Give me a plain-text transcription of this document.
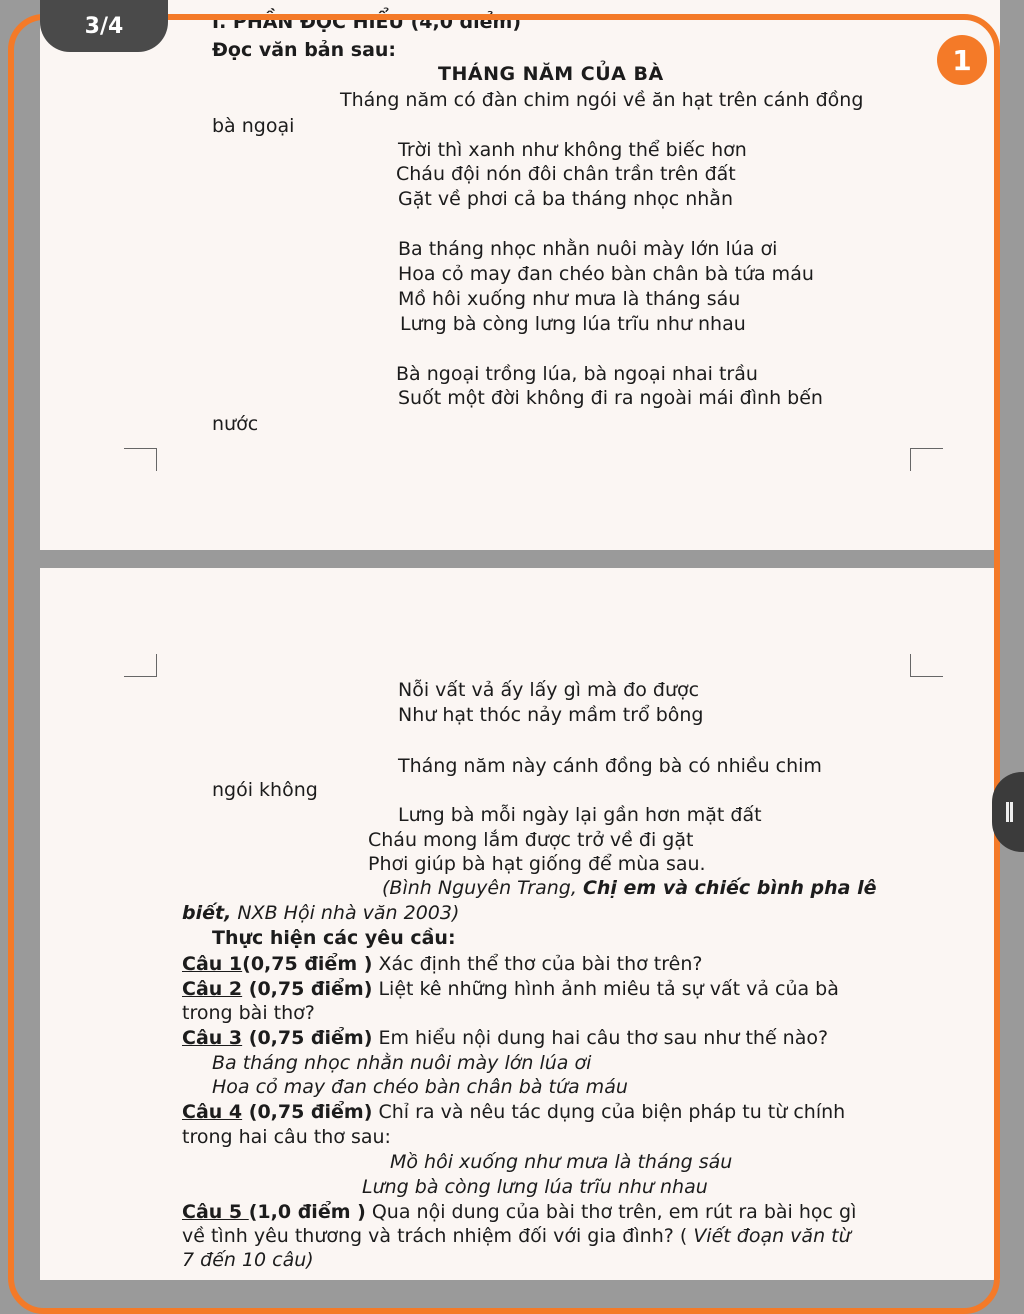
I. PHẦN ĐỌC HIỂU (4,0 điểm)
Đọc văn bản sau:
THÁNG NĂM CỦA BÀ
Tháng năm có đàn chim ngói về ăn hạt trên cánh đồng
bà ngoại
Trời thì xanh như không thể biếc hơn
Cháu đội nón đôi chân trần trên đất
Gặt về phơi cả ba tháng nhọc nhằn
Ba tháng nhọc nhằn nuôi mày lớn lúa ơi
Hoa cỏ may đan chéo bàn chân bà tứa máu
Mồ hôi xuống như mưa là tháng sáu
Lưng bà còng lưng lúa trĩu như nhau
Bà ngoại trồng lúa, bà ngoại nhai trầu
Suốt một đời không đi ra ngoài mái đình bến
nước
Nỗi vất vả ấy lấy gì mà đo được
Như hạt thóc nảy mầm trổ bông
Tháng năm này cánh đồng bà có nhiều chim
ngói không
Lưng bà mỗi ngày lại gần hơn mặt đất
Cháu mong lắm được trở về đi gặt
Phơi giúp bà hạt giống để mùa sau.
(Bình Nguyên Trang, Chị em và chiếc bình pha lê
biết, NXB Hội nhà văn 2003)
Thực hiện các yêu cầu:
Câu 1(0,75 điểm ) Xác định thể thơ của bài thơ trên?
Câu 2 (0,75 điểm) Liệt kê những hình ảnh miêu tả sự vất vả của bà
trong bài thơ?
Câu 3 (0,75 điểm) Em hiểu nội dung hai câu thơ sau như thế nào?
Ba tháng nhọc nhằn nuôi mày lớn lúa ơi
Hoa cỏ may đan chéo bàn chân bà tứa máu
Câu 4 (0,75 điểm) Chỉ ra và nêu tác dụng của biện pháp tu từ chính
trong hai câu thơ sau:
Mồ hôi xuống như mưa là tháng sáu
Lưng bà còng lưng lúa trĩu như nhau
Câu 5 (1,0 điểm ) Qua nội dung của bài thơ trên, em rút ra bài học gì
về tình yêu thương và trách nhiệm đối với gia đình? ( Viết đoạn văn từ
7 đến 10 câu)
3/4
1
